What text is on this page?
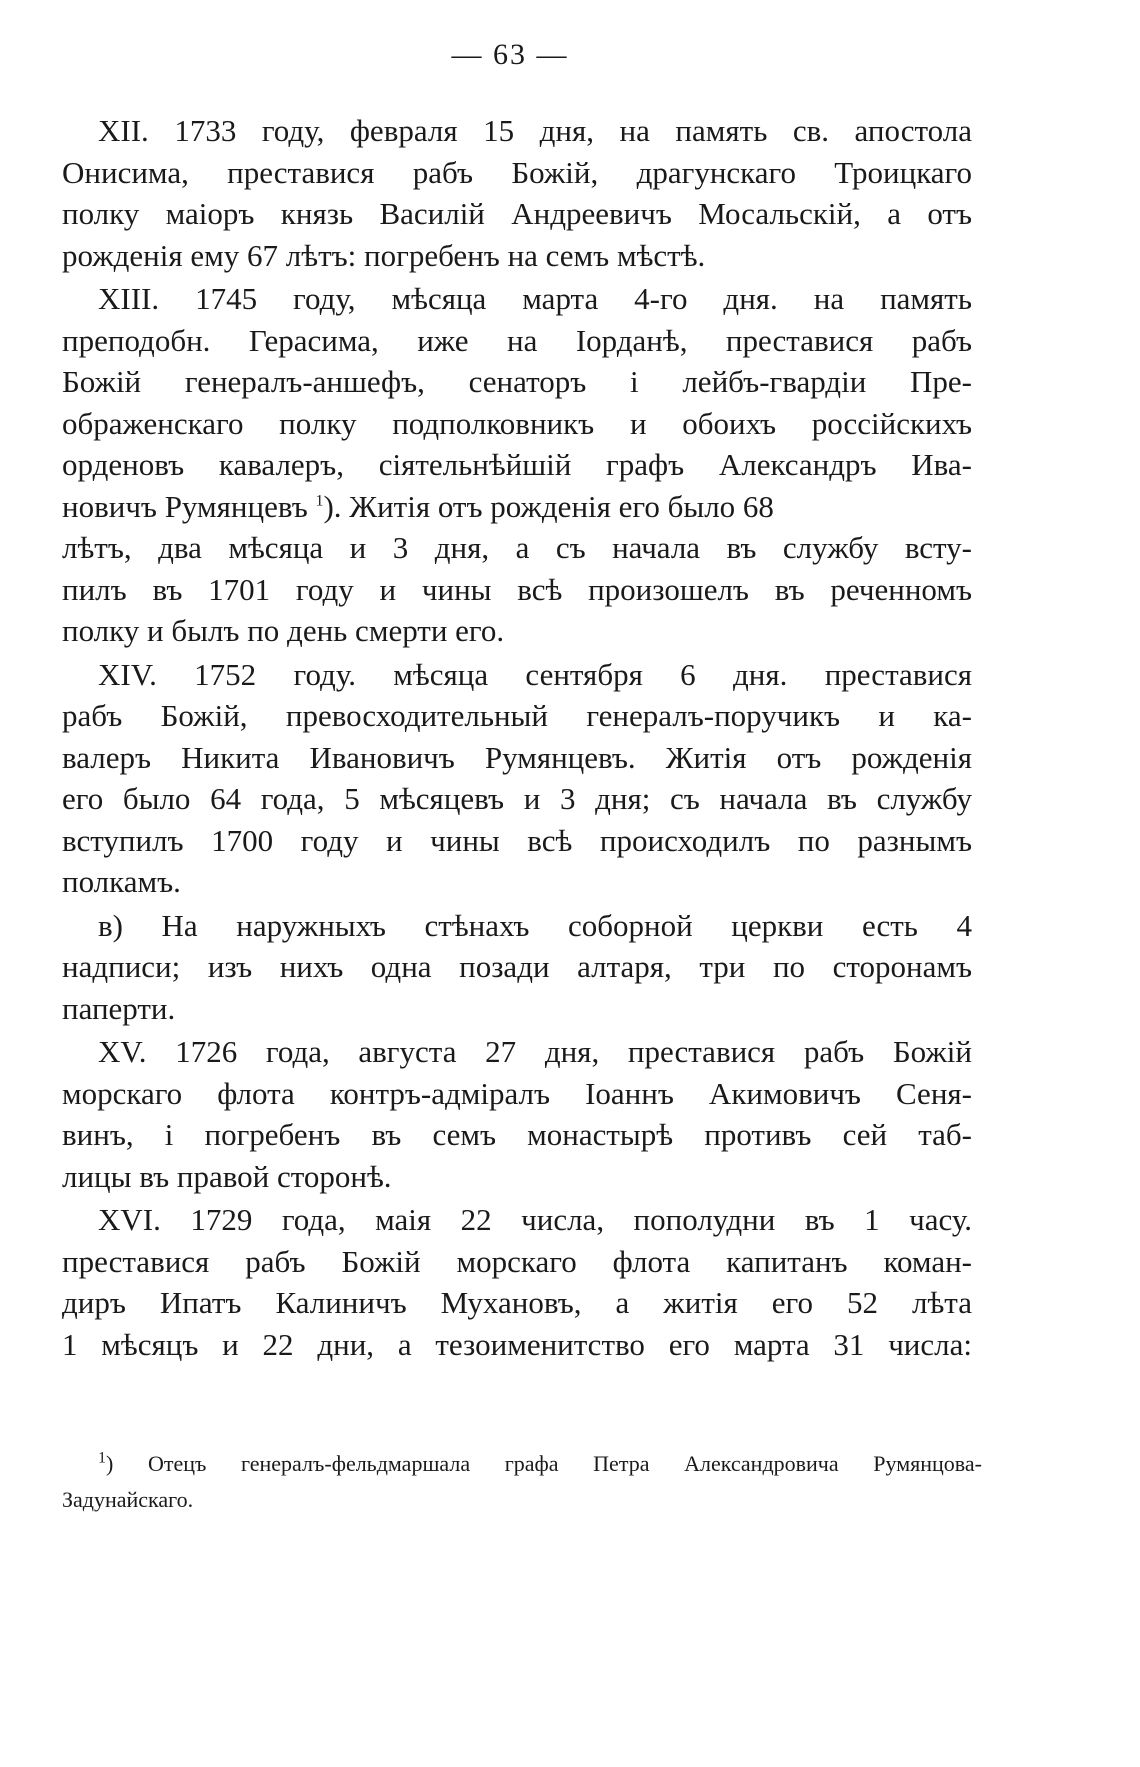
— 63 —
XII. 1733 году, февраля 15 дня, на память св. апостола
Онисима, преставися рабъ Божій, драгунскаго Троицкаго
полку маіоръ князь Василій Андреевичъ Мосальскій, а отъ
рожденія ему 67 лѣтъ: погребенъ на семъ мѣстѣ.
XIII. 1745 году, мѣсяца марта 4-го дня. на память
преподобн. Герасима, иже на Іорданѣ, преставися рабъ
Божій генералъ-аншефъ, сенаторъ і лейбъ-гвардіи Пре-
ображенскаго полку подполковникъ и обоихъ россійскихъ
орденовъ кавалеръ, сіятельнѣйшій графъ Александръ Ива-
новичъ Румянцевъ $^1$). Житія отъ рожденія его было 68
лѣтъ, два мѣсяца и 3 дня, а съ начала въ службу всту-
пилъ въ 1701 году и чины всѣ произошелъ въ реченномъ
полку и былъ по день смерти его.
XIV. 1752 году. мѣсяца сентября 6 дня. преставися
рабъ Божій, превосходительный генералъ-поручикъ и ка-
валеръ Никита Ивановичъ Румянцевъ. Житія отъ рожденія
его было 64 года, 5 мѣсяцевъ и 3 дня; съ начала въ службу
вступилъ 1700 году и чины всѣ происходилъ по разнымъ
полкамъ.
в) На наружныхъ стѣнахъ соборной церкви есть 4
надписи; изъ нихъ одна позади алтаря, три по сторонамъ
паперти.
XV. 1726 года, августа 27 дня, преставися рабъ Божій
морскаго флота контръ-адміралъ Іоаннъ Акимовичъ Сеня-
винъ, і погребенъ въ семъ монастырѣ противъ сей таб-
лицы въ правой сторонѣ.
XVI. 1729 года, маія 22 числа, пополудни въ 1 часу.
преставися рабъ Божій морскаго флота капитанъ коман-
диръ Ипатъ Калиничъ Мухановъ, а житія его 52 лѣта
1 мѣсяцъ и 22 дни, а тезоименитство его марта 31 числа:
$^1$) Отецъ генералъ-фельдмаршала графа Петра Александровича Румянцова-
Задунайскаго.
